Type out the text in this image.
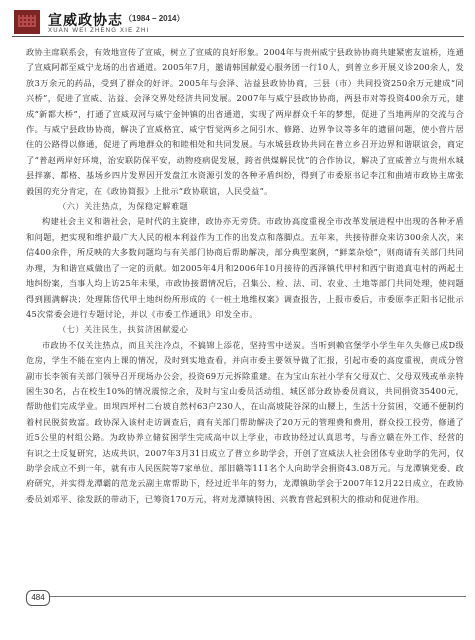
宣威政协志 （1984 – 2014）
XUAN WEI ZHENG XIE ZHI

政协主席联系会，有效地宣传了宣威，树立了宣威的良好形象。2004年与贵州威宁县政协协商共建紧密友谊桥，连通了宣威阿都至威宁龙场的出省通道。2005年7月，邀请韩国献爱心服务团一行10人，到普立乡开展义诊200余人，发放3万余元的药品，受到了群众的好评。2005年与会泽、沾益县政协协商，三县（市）共同投资250余万元建成“同兴桥”，促进了宣威、沾益、会泽交界处经济共同发展。2007年与威宁县政协协商，两县市对等投资400余万元，建成“新都大桥”，打通了宣威双河与威宁金钟镇的出省通道，实现了两岸群众千年的梦想，促进了当地两岸的交流与合作。与威宁县政协协商，解决了宣威格宜、威宁哲觉两乡之间引水、修路、边界争议等多年的遗留问题，使小营片居住的公路得以修通，促进了两地群众的和睦相处和共同发展。与水城县政协共同在普立乡召开边界和谐联谊会，商定了“普赵两岸好环境，治安联防保平安，动物疫病促发展，跨省供煤解民忧”的合作协议，解决了宣威普立与贵州水城县拌寨、都格、基场乡四片发界因开发盘江水资源引发的各种矛盾纠纷，得到了市委原书记李江和曲靖市政协主席张毅国的充分肯定，在《政协简报》上批示“政协联谊，人民受益”。

（六）关注热点，为保稳定解难题

构建社会主义和谐社会，是时代的主旋律，政协亦无旁贷。市政协高度重视全市改革发展进程中出现的各种矛盾和问题，把实现和维护最广大人民的根本利益作为工作的出发点和落脚点。五年来，共接待群众来访300余人次，来信400余件，所反映的大多数问题均与有关部门协商后帮助解决，部分典型案例，“鲜菜杂烩”，则商请有关部门共同办理，为和谐宣威做出了一定的贡献。如2005年4月和2006年10月接待的西泽镇代甲村和西宁街道真屯村的两起土地纠纷案，当事人均上访25年未果，市政协接谓情况后，召集公、检、法、司、农业、土地等部门共同处理，使问题得到圆满解决；处理陈岱代甲土地纠纷所形成的《一桩土地维权案》调查报告，上报市委后，市委原李正阳书记批示45次常委会进行专题讨论，并以《市委工作通讯》印发全市。

（七）关注民生，扶贫济困献爱心

市政协不仅关注热点，而且关注冷点，不搞锦上添花，坚持雪中送炭。当听到赖官堡学小学生年久失修已成D级危房，学生不能在室内上课的情况，及时到实地查看，并向市委主要领导做了汇报，引起市委的高度重视，责成分管副市长李领有关部门领导召开现场办公会，投资69万元拆除重建。在为宝山东社小学有父母双亡、父母双残或单亲特困生30名，占在校生10%的情况震惊之余，及时与宝山委员活动组、城区部分政协委员商议，共同捐资35400元，帮助他们完成学业。田坝四坪村二台坡自然村63户230人，在山高坡陡谷深的山腰上，生活十分贫困，交通不便制约着村民脱贫致富。政协深入该村走访调查后，商有关部门帮助解决了20万元的管理费和费用，群众投工投劳，修通了近5公里的村组公路。为政协养立储贫困学生完成高中以上学业，市政协经过认真思考，与香立赣在外工作、经营的有识之士反复研究，达成共识，2007年3月31日成立了普立乡助学会，开创了宣威法人社会团体专业助学的先河，仅助学会成立不到一年，就有市人民医院等7家单位、部旧赣等111名个人向助学会捐资43.08万元。与龙潭镇党委、政府研究，并实得龙潭霸的范龙云副主席帮助下，经过近半年的努力，龙潭镇助学会于2007年12月22日成立，在政协委员刘邓平、徐发跃的带动下，已筹资170万元，将对龙潭镇特困、兴教育营起到积大的推动和促进作用。

484
